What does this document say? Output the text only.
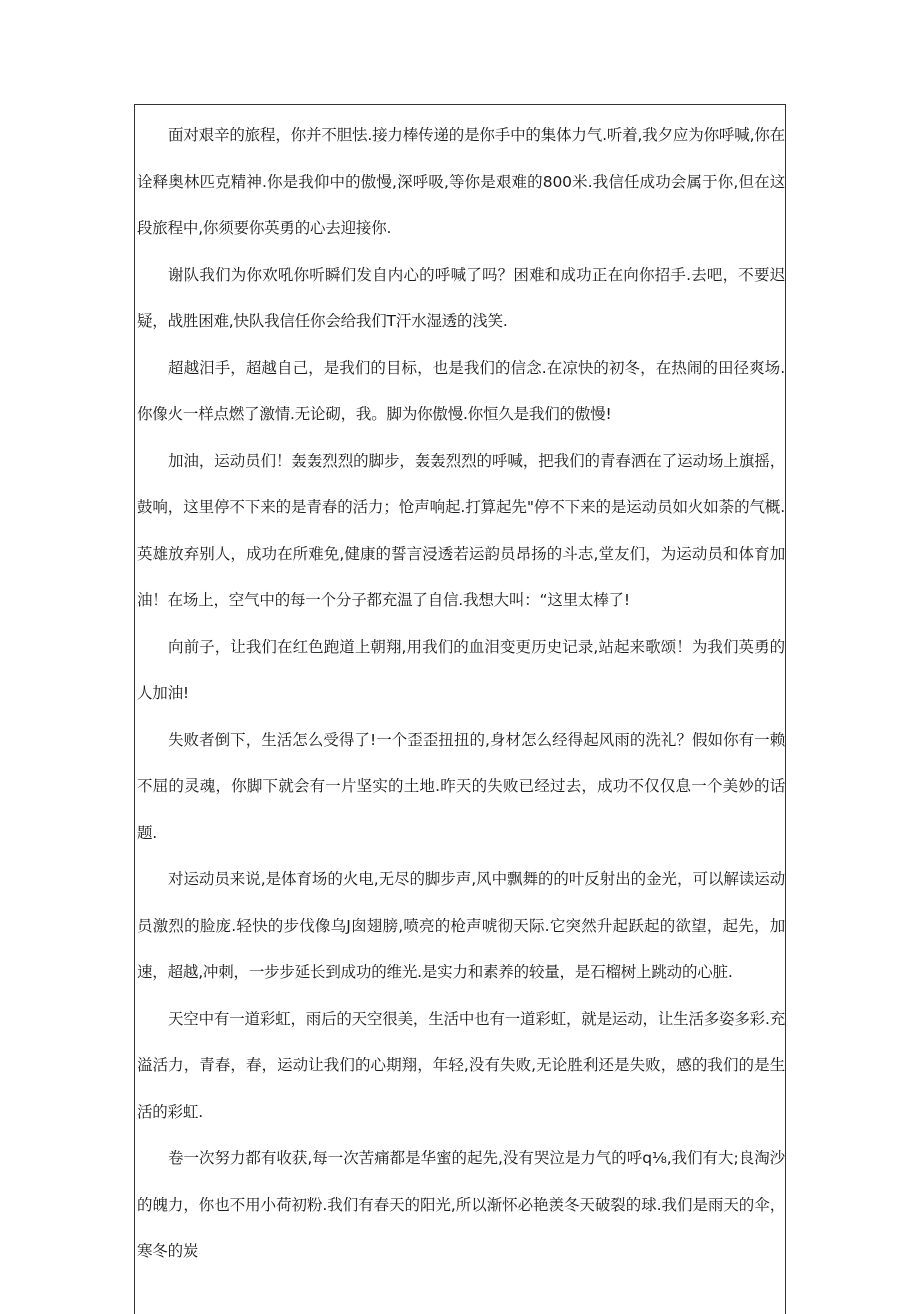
面对艰辛的旅程，你并不胆怯.接力棒传递的是你手中的集体力气.听着,我夕应为你呼喊,你在诠释奥林匹克精神.你是我仰中的傲慢,深呼吸,等你是艰难的800米.我信任成功会属于你,但在这段旅程中,你须要你英勇的心去迎接你.

谢队我们为你欢吼你听瞬们发自内心的呼喊了吗？困难和成功正在向你招手.去吧，不要迟疑，战胜困难,快队我信任你会给我们T汗水湿透的浅笑.

超越汨手，超越自己，是我们的目标，也是我们的信念.在凉快的初冬，在热闹的田径爽场.你像火一样点燃了激情.无论砌，我。脚为你傲慢.你恒久是我们的傲慢!

加油，运动员们！轰轰烈烈的脚步，轰轰烈烈的呼喊，把我们的青春洒在了运动场上旗摇，鼓响，这里停不下来的是青春的活力；怆声响起.打算起先"停不下来的是运动员如火如荼的气概.英雄放弃别人，成功在所难免,健康的誓言浸透若运韵员昂扬的斗志,堂友们，为运动员和体育加油！在场上，空气中的每一个分子都充温了自信.我想大叫：“这里太棒了!

向前子，让我们在红色跑道上朝翔,用我们的血泪变更历史记录,站起来歌颂！为我们英勇的人加油!

失败者倒下，生活怎么受得了!一个歪歪扭扭的,身材怎么经得起风雨的洗礼？假如你有一赖不屈的灵魂，你脚下就会有一片坚实的土地.昨天的失败已经过去，成功不仅仅息一个美妙的话题.

对运动员来说,是体育场的火电,无尽的脚步声,风中飘舞的的叶反射出的金光，可以解读运动员激烈的脸庞.轻快的步伐像乌J囱翅膀,喷亮的枪声唬彻天际.它突然升起跃起的欲望，起先，加速，超越,冲刺，一步步延长到成功的维光.是实力和素养的较量，是石榴树上跳动的心脏.

天空中有一道彩虹，雨后的天空很美，生活中也有一道彩虹，就是运动，让生活多姿多彩.充溢活力，青春，春，运动让我们的心期翔，年轻,没有失败,无论胜利还是失败，感的我们的是生活的彩虹.

卷一次努力都有收获,每一次苦痛都是华蜜的起先,没有哭泣是力气的呼q⅛,我们有大;良淘沙的魄力，你也不用小荷初粉.我们有春天的阳光,所以渐怀必艳羡冬天破裂的球.我们是雨天的伞，寒冬的炭
